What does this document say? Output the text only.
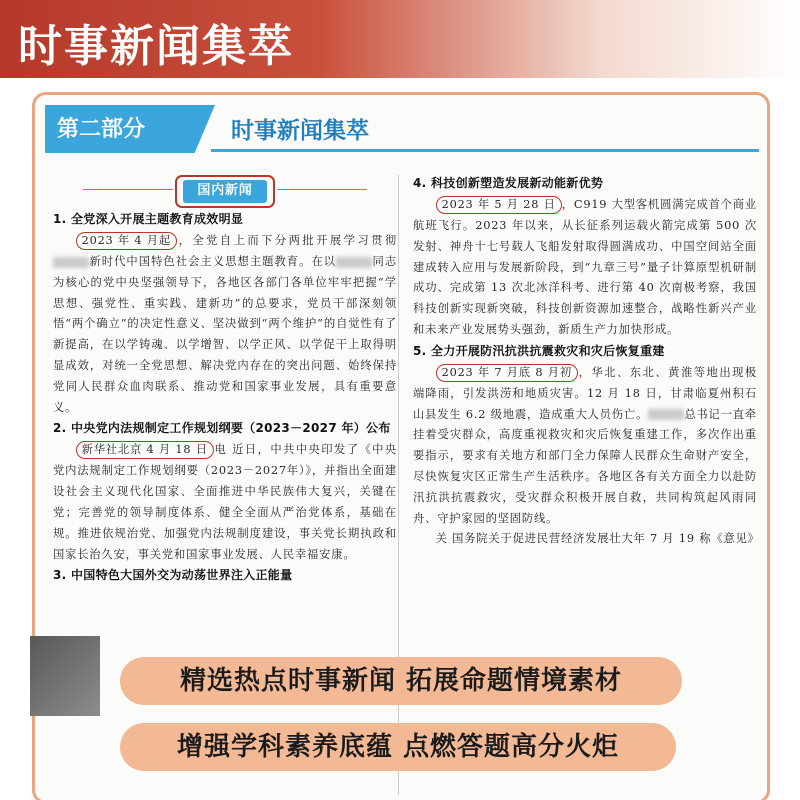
时事新闻集萃
第二部分	时事新闻集萃
国内新闻
1. 全党深入开展主题教育成效明显
2023 年 4 月起 ，全党自上而下分两批开展学习贯彻新时代中国特色社会主义思想主题教育。在以	同志为核心的党中央坚强领导下，各地区各部门各单位牢牢把握“学思想、强党性、重实践、建新功”的总要求，党员干部深刻领悟“两个确立”的决定性意义、坚决做到“两个维护”的自觉性有了新提高，在以学铸魂、以学增智、以学正风、以学促干上取得明显成效，对统一全党思想、解决党内存在的突出问题、始终保持党同人民群众血肉联系、推动党和国家事业发展，具有重要意义。
2. 中央党内法规制定工作规划纲要（2023－2027 年）公布
新华社北京 4 月 18 日 电 近日，中共中央印发了《中央党内法规制定工作规划纲要（2023－2027年）》，并指出全面建设社会主义现代化国家、全面推进中华民族伟大复兴，关键在党；完善党的领导制度体系、健全全面从严治党体系，基础在规。推进依规治党、加强党内法规制度建设，事关党长期执政和国家长治久安，事关党和国家事业发展、人民幸福安康。
3. 中国特色大国外交为动荡世界注入正能量
4. 科技创新塑造发展新动能新优势
2023 年 5 月 28 日 ，C919 大型客机圆满完成首个商业航班飞行。2023 年以来，从长征系列运载火箭完成第 500 次发射、神舟十七号载人飞船发射取得圆满成功、中国空间站全面建成转入应用与发展新阶段，到“九章三号”量子计算原型机研制成功、完成第 13 次北冰洋科考、进行第 40 次南极考察，我国科技创新实现新突破，科技创新资源加速整合，战略性新兴产业和未来产业发展势头强劲，新质生产力加快形成。
5. 全力开展防汛抗洪抗震救灾和灾后恢复重建
2023 年 7 月底 8 月初 ，华北、东北、黄淮等地出现极端降雨，引发洪涝和地质灾害。12 月 18 日，甘肃临夏州积石山县发生 6.2 级地震，造成重大人员伤亡。	总书记一直牵挂着受灾群众，高度重视救灾和灾后恢复重建工作，多次作出重要指示，要求有关地方和部门全力保障人民群众生命财产安全，尽快恢复灾区正常生产生活秩序。各地区各有关方面全力以赴防汛抗洪抗震救灾，受灾群众积极开展自救，共同构筑起风雨同舟、守护家园的坚固防线。
关 国务院关于促进民营经济发展壮大年 7 月 19 称《意见》
精选热点时事新闻 拓展命题情境素材
增强学科素养底蕴 点燃答题高分火炬
